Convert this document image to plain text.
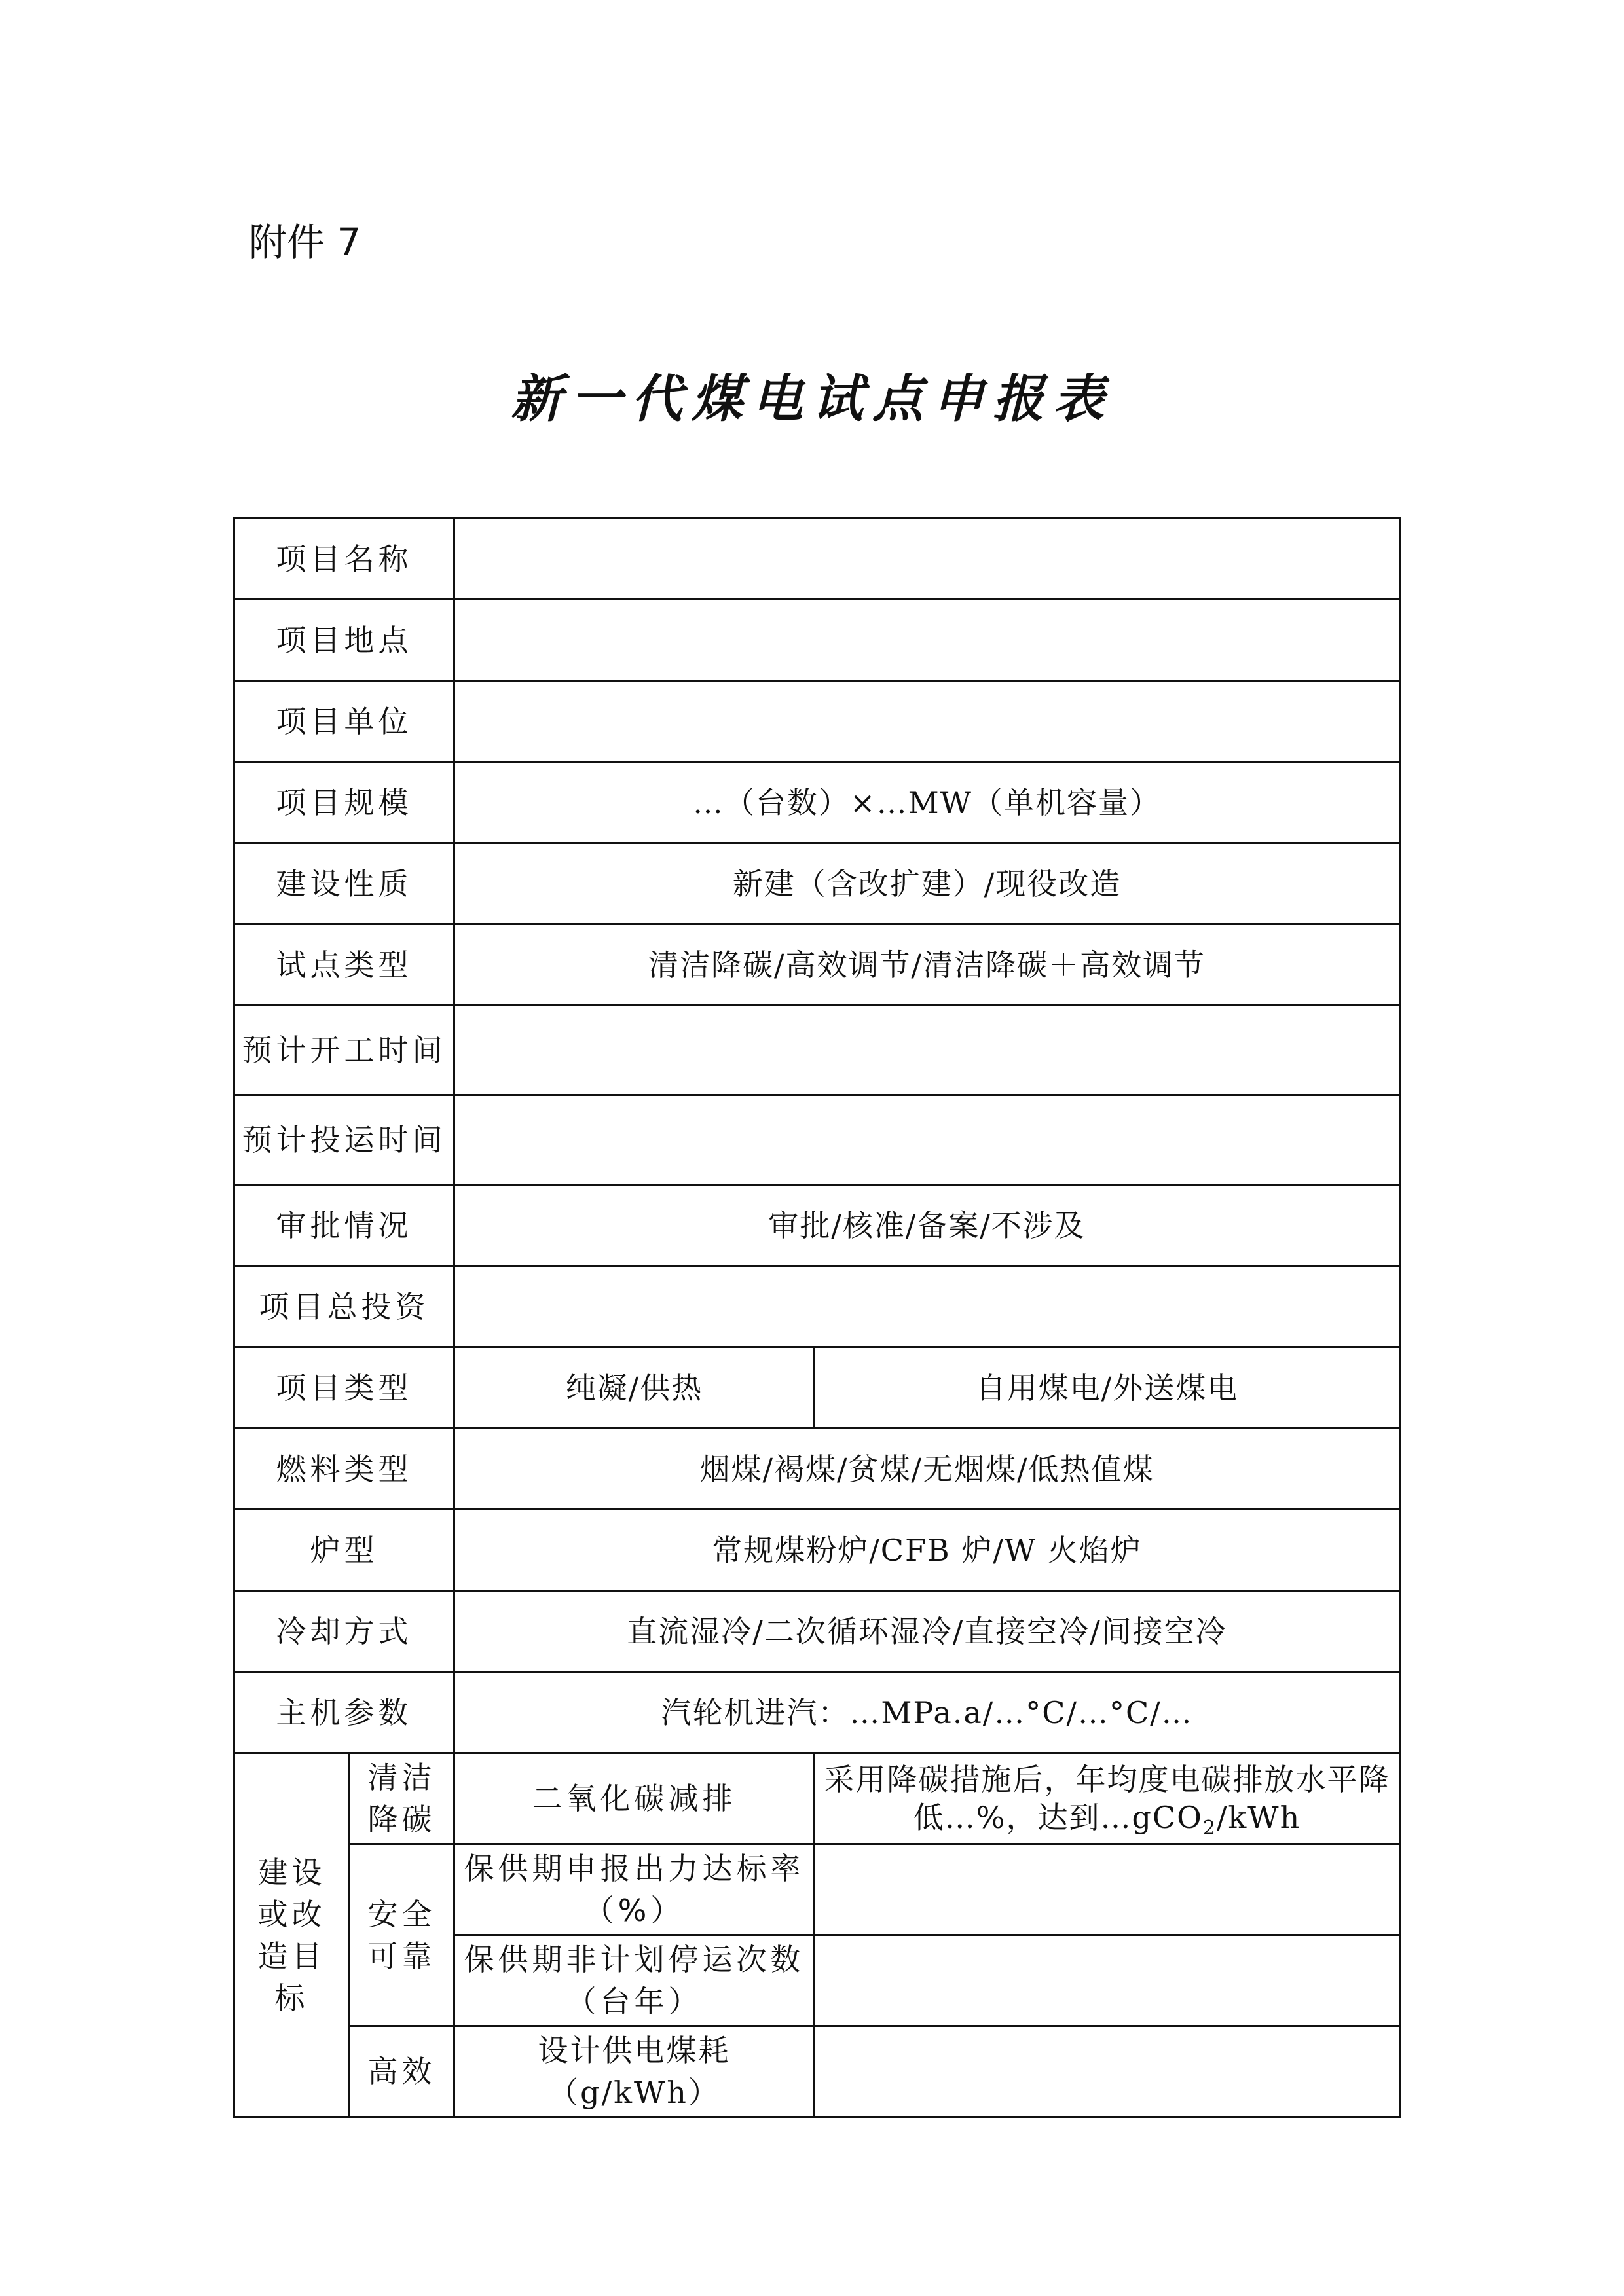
附件 7
新一代煤电试点申报表
项目名称			
项目地点			
项目单位			
项目规模		…（台数）×…MW（单机容量）	
建设性质		新建（含改扩建）/现役改造	
试点类型		清洁降碳/高效调节/清洁降碳＋高效调节	
预计开工时间			
预计投运时间			
审批情况		审批/核准/备案/不涉及	
项目总投资			
项目类型		纯凝/供热	自用煤电/外送煤电
燃料类型		烟煤/褐煤/贫煤/无烟煤/低热值煤	
炉型		常规煤粉炉/CFB 炉/W 火焰炉	
冷却方式		直流湿冷/二次循环湿冷/直接空冷/间接空冷	
主机参数		汽轮机进汽：…MPa.a/…°C/…°C/…	
建设或改造目标	清洁降碳	二氧化碳减排	采用降碳措施后，年均度电碳排放水平降低…%，达到…gCO$_2$/kWh
	安全可靠	保供期申报出力达标率（%）	
		保供期非计划停运次数（台年）	
	高效	设计供电煤耗（g/kWh）	
